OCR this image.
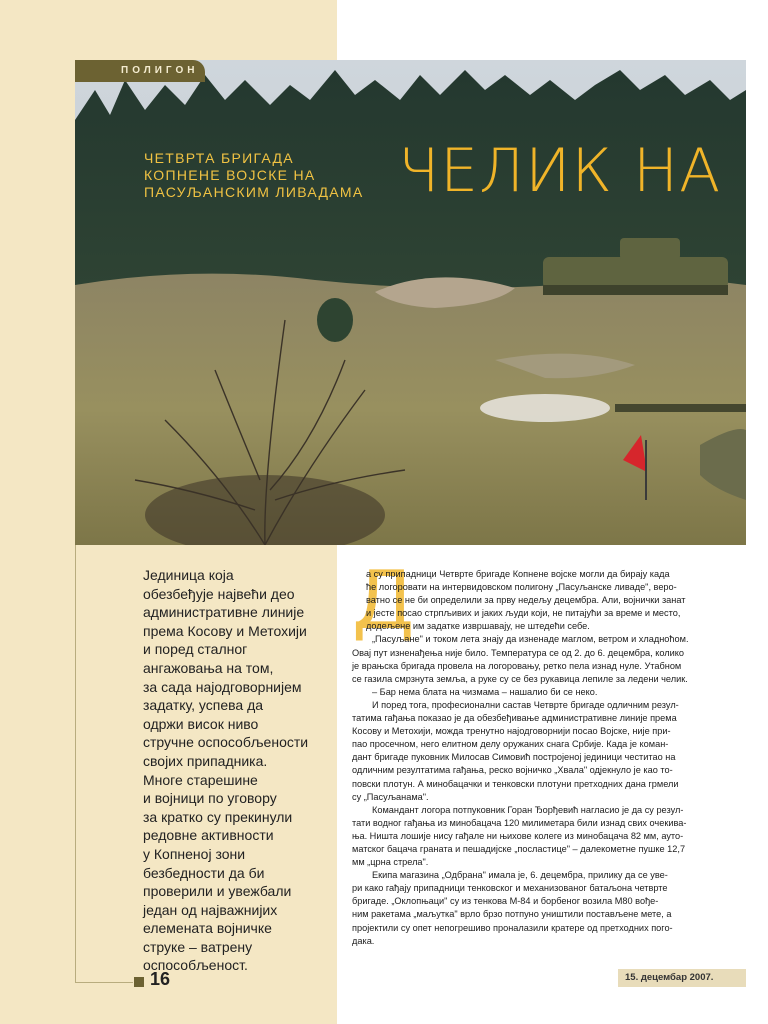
ПОЛИГОН
ЧЕТВРТА БРИГАДА
КОПНЕНЕ ВОЈСКЕ НА
ПАСУЉАНСКИМ ЛИВАДАМА ЧЕЛИК НА
16
Јединица која
обезбеђује највећи део
административне линије
према Косову и Метохији
и поред сталног
ангажовања на том,
за сада најодговорнијем
задатку, успева да
одржи висок ниво
стручне оспособљености
својих припадника.
Многе старешине
и војници по уговору
за кратко су прекинули
редовне активности
у Копненој зони
безбедности да би
проверили и увежбали
један од најважнијих
елемената војничке
струке – ватрену
оспособљеност.
Д
а су припадници Четврте бригаде Копнене војске могли да бирају када
ће логоровати на интервидовском полигону „Пасуљанске ливаде", веро-
ватно се не би определили за прву недељу децембра. Али, војнички занат
и јесте посао стрпљивих и јаких људи који, не питајући за време и место,
додељене им задатке извршавају, не штедећи себе.
„Пасуљане" и током лета знају да изненаде маглом, ветром и хладноћом.
Овај пут изненађења није било. Температура се од 2. до 6. децембра, колико
је врањска бригада провела на логоровању, ретко пела изнад нуле. Утабном
се газила смрзнута земља, а руке су се без рукавица лепиле за ледени челик.
– Бар нема блата на чизмама – нашалио би се неко.
И поред тога, професионални састав Четврте бригаде одличним резул-
татима гађања показао је да обезбеђивање административне линије према
Косову и Метохији, можда тренутно најодговорнији посао Војске, није при-
пао просечном, него елитном делу оружаних снага Србије. Када је коман-
дант бригаде пуковник Милосав Симовић постројеној јединици честитао на
одличним резултатима гађања, реско војничко „Хвала" одјекнуло је као то-
повски плотун. А минобацачки и тенковски плотуни претходних дана грмели
су „Пасуљанама".
Командант логора потпуковник Горан Ђорђевић нагласио је да су резул-
тати водног гађања из минобацача 120 милиметара били изнад свих очекива-
ња. Ништа лошије нису гађале ни њихове колеге из минобацача 82 мм, ауто-
матског бацача граната и пешадијске „посластице" – далекометне пушке 12,7
мм „црна стрела".
Екипа магазина „Одбрана" имала је, 6. децембра, прилику да се уве-
ри како гађају припадници тенковског и механизованог батаљона четврте
бригаде. „Оклопњаци" су из тенкова М-84 и борбеног возила М80 вође-
ним ракетама „маљутка" врло брзо потпуно уништили постављене мете, а
пројектили су опет непогрешиво проналазили кратере од претходних пого-
дака.
15. децембар 2007.
